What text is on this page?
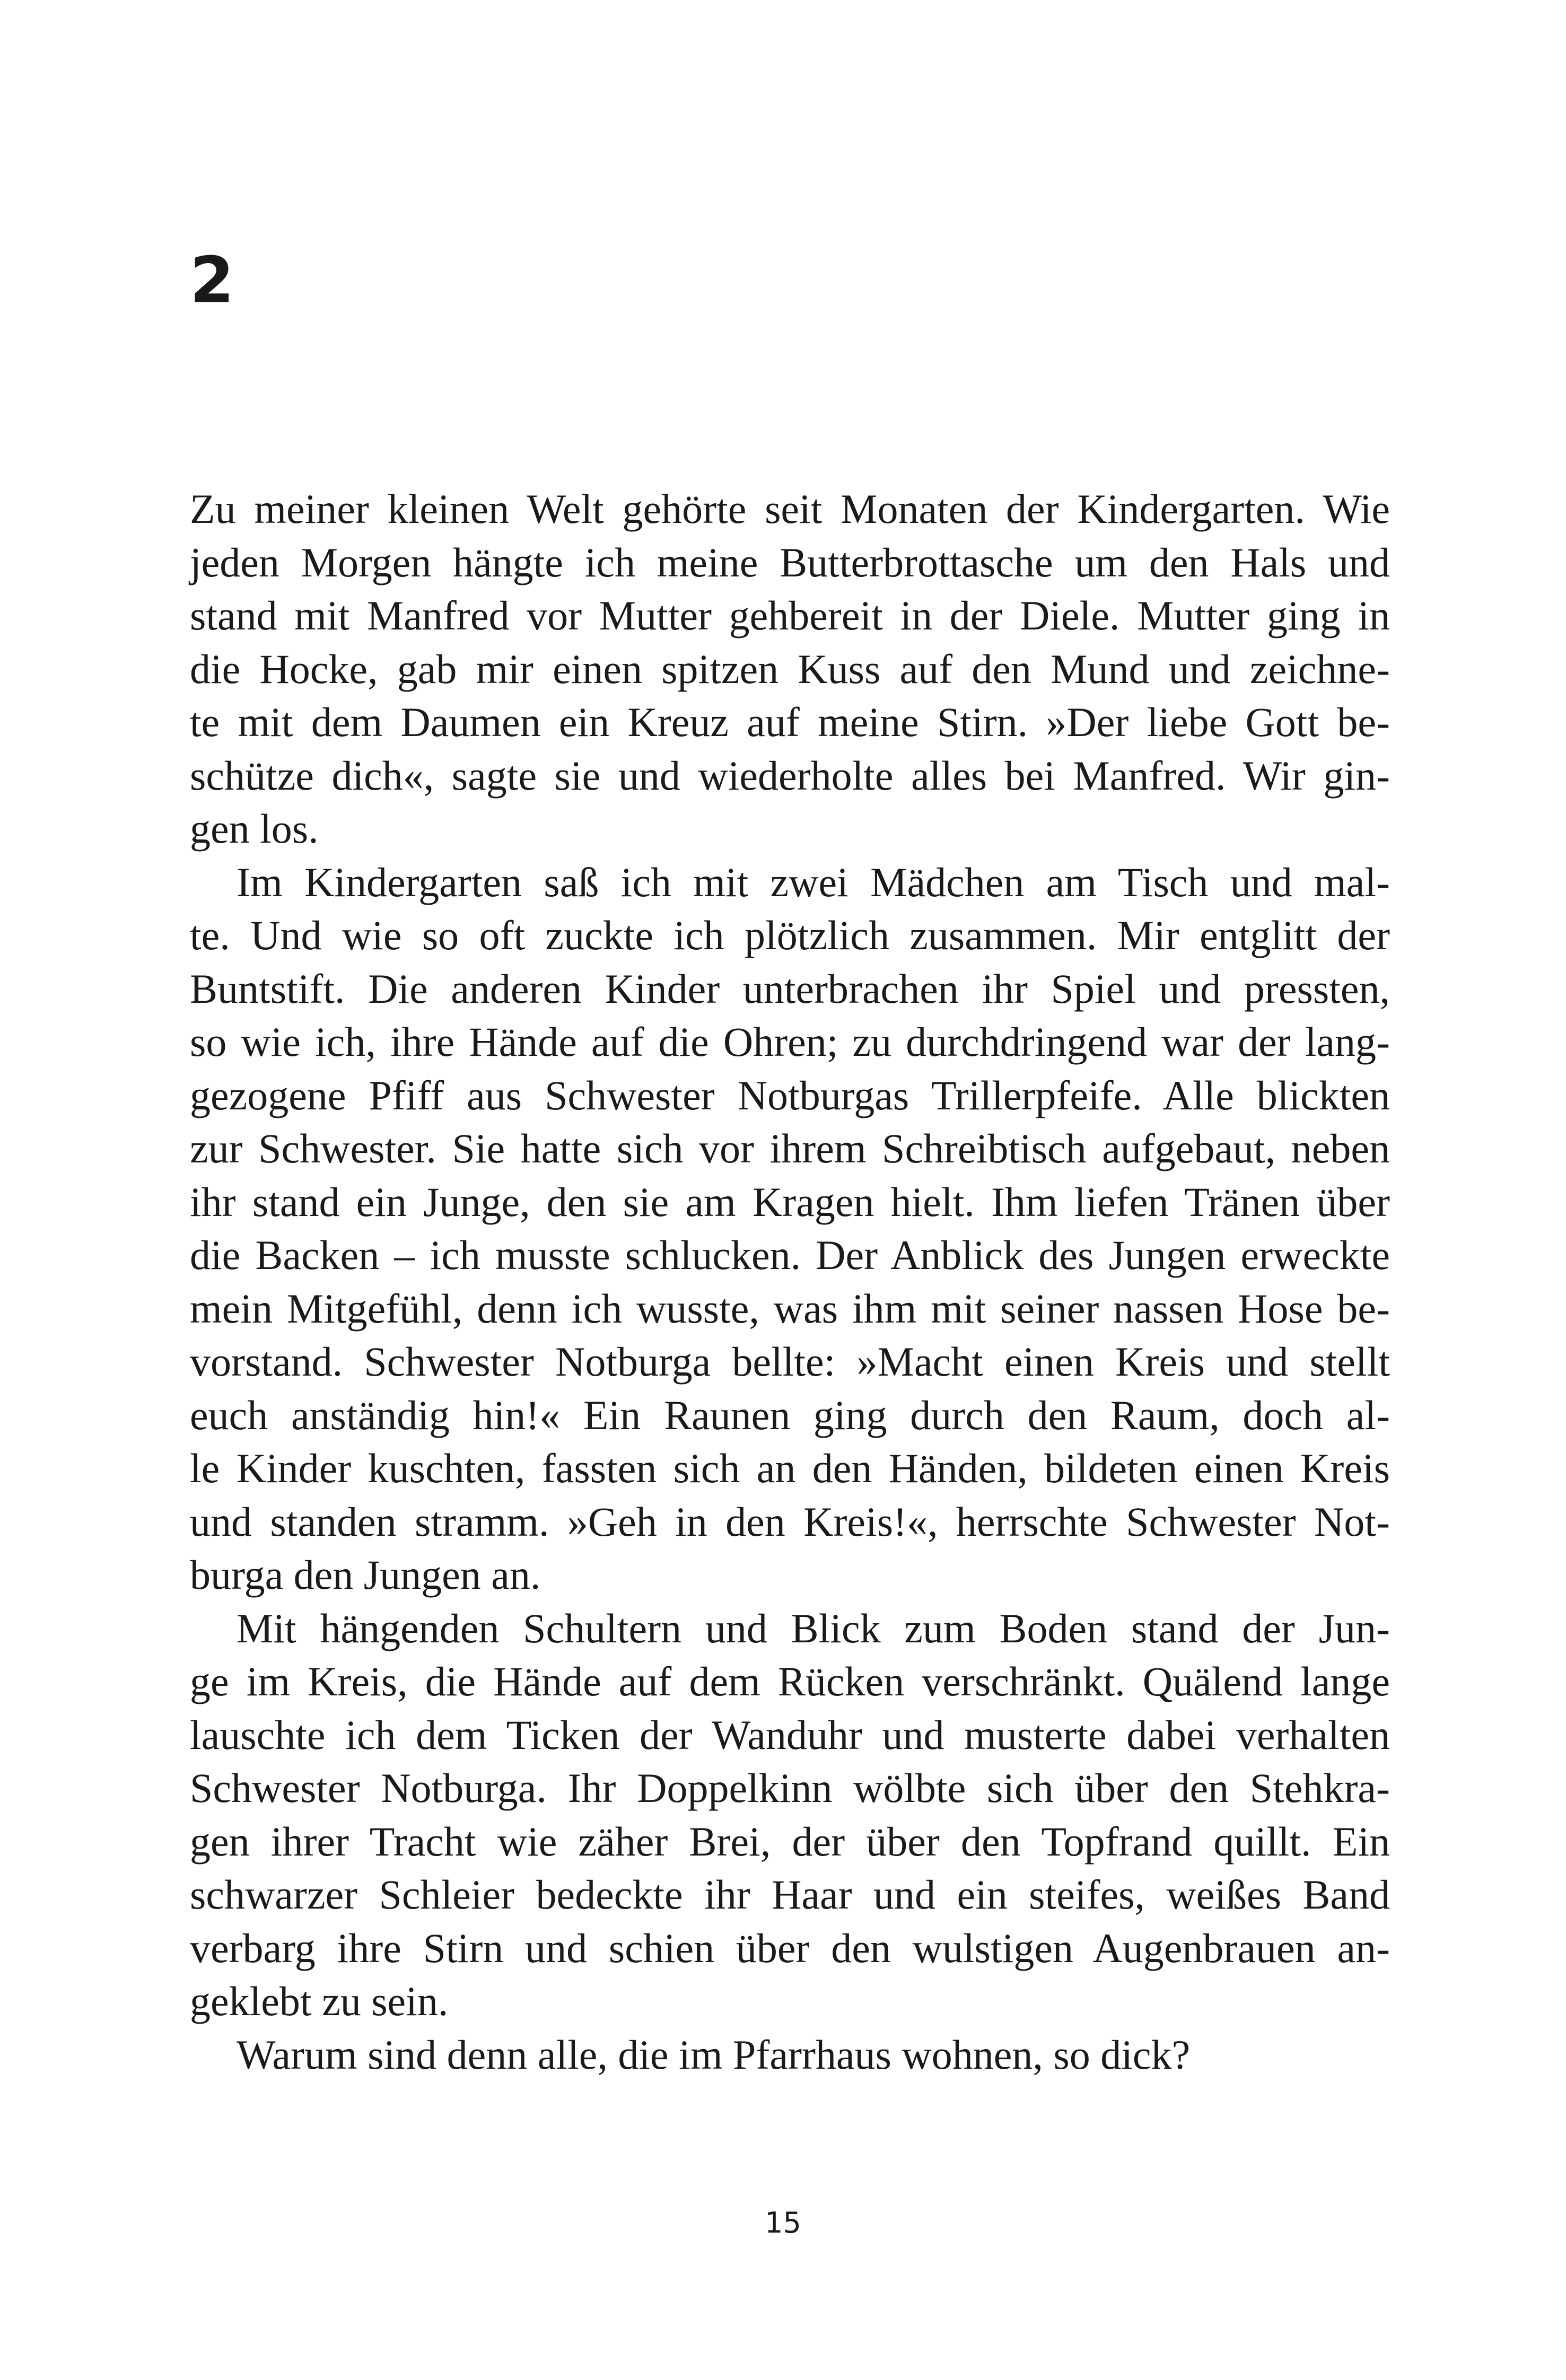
2
Zu meiner kleinen Welt gehörte seit Monaten der Kindergarten. Wie
jeden Morgen hängte ich meine Butterbrottasche um den Hals und
stand mit Manfred vor Mutter gehbereit in der Diele. Mutter ging in
die Hocke, gab mir einen spitzen Kuss auf den Mund und zeichne-
te mit dem Daumen ein Kreuz auf meine Stirn. »Der liebe Gott be-
schütze dich«, sagte sie und wiederholte alles bei Manfred. Wir gin-
gen los.
Im Kindergarten saß ich mit zwei Mädchen am Tisch und mal-
te. Und wie so oft zuckte ich plötzlich zusammen. Mir entglitt der
Buntstift. Die anderen Kinder unterbrachen ihr Spiel und pressten,
so wie ich, ihre Hände auf die Ohren; zu durchdringend war der lang-
gezogene Pfiff aus Schwester Notburgas Trillerpfeife. Alle blickten
zur Schwester. Sie hatte sich vor ihrem Schreibtisch aufgebaut, neben
ihr stand ein Junge, den sie am Kragen hielt. Ihm liefen Tränen über
die Backen – ich musste schlucken. Der Anblick des Jungen erweckte
mein Mitgefühl, denn ich wusste, was ihm mit seiner nassen Hose be-
vorstand. Schwester Notburga bellte: »Macht einen Kreis und stellt
euch anständig hin!« Ein Raunen ging durch den Raum, doch al-
le Kinder kuschten, fassten sich an den Händen, bildeten einen Kreis
und standen stramm. »Geh in den Kreis!«, herrschte Schwester Not-
burga den Jungen an.
Mit hängenden Schultern und Blick zum Boden stand der Jun-
ge im Kreis, die Hände auf dem Rücken verschränkt. Quälend lange
lauschte ich dem Ticken der Wanduhr und musterte dabei verhalten
Schwester Notburga. Ihr Doppelkinn wölbte sich über den Stehkra-
gen ihrer Tracht wie zäher Brei, der über den Topfrand quillt. Ein
schwarzer Schleier bedeckte ihr Haar und ein steifes, weißes Band
verbarg ihre Stirn und schien über den wulstigen Augenbrauen an-
geklebt zu sein.
Warum sind denn alle, die im Pfarrhaus wohnen, so dick?
15
